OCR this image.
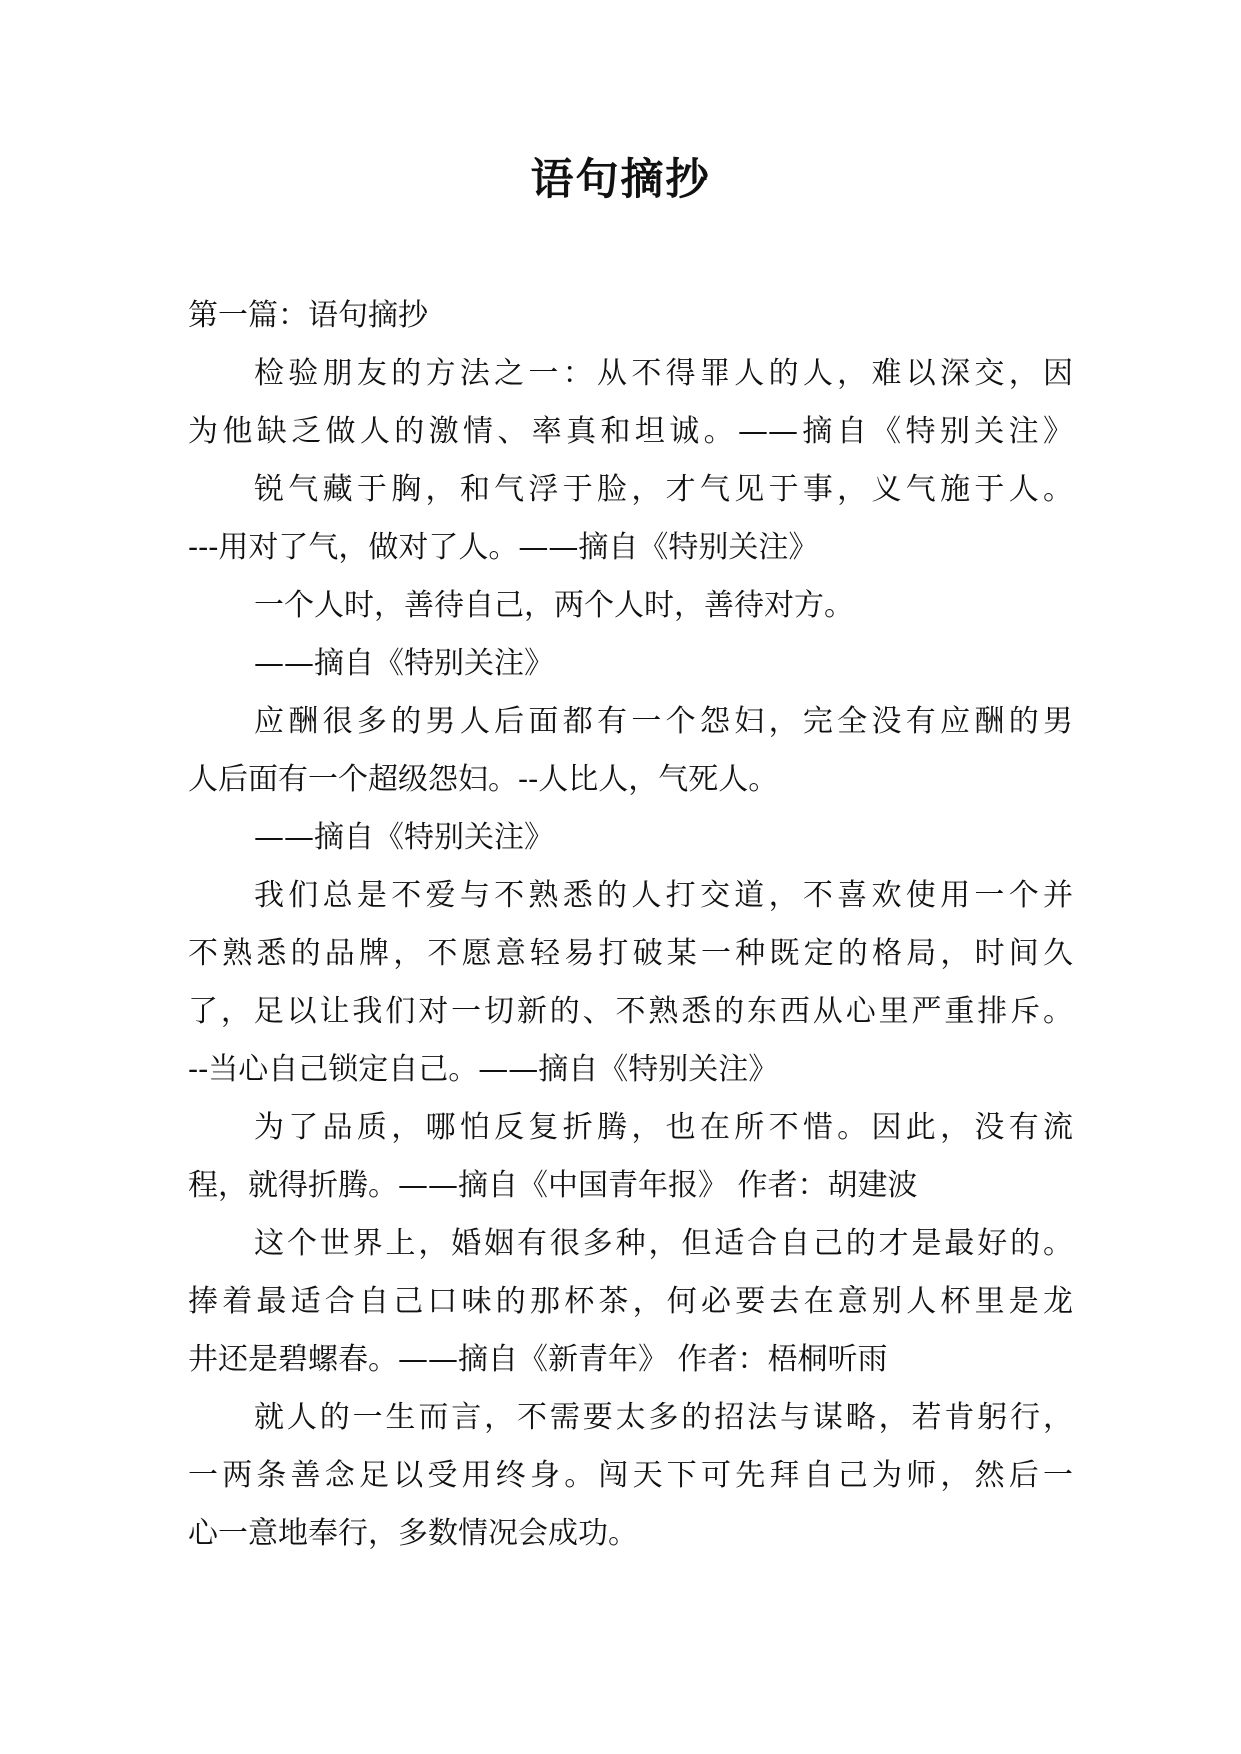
语句摘抄
第一篇：语句摘抄
检验朋友的方法之一：从不得罪人的人，难以深交，因
为他缺乏做人的激情、率真和坦诚。——摘自《特别关注》
锐气藏于胸，和气浮于脸，才气见于事，义气施于人。
---用对了气，做对了人。——摘自《特别关注》
一个人时，善待自己，两个人时，善待对方。
——摘自《特别关注》
应酬很多的男人后面都有一个怨妇，完全没有应酬的男
人后面有一个超级怨妇。--人比人，气死人。
——摘自《特别关注》
我们总是不爱与不熟悉的人打交道，不喜欢使用一个并
不熟悉的品牌，不愿意轻易打破某一种既定的格局，时间久
了，足以让我们对一切新的、不熟悉的东西从心里严重排斥。
--当心自己锁定自己。——摘自《特别关注》
为了品质，哪怕反复折腾，也在所不惜。因此，没有流
程，就得折腾。——摘自《中国青年报》 作者：胡建波
这个世界上，婚姻有很多种，但适合自己的才是最好的。
捧着最适合自己口味的那杯茶，何必要去在意别人杯里是龙
井还是碧螺春。——摘自《新青年》 作者：梧桐听雨
就人的一生而言，不需要太多的招法与谋略，若肯躬行，
一两条善念足以受用终身。闯天下可先拜自己为师，然后一
心一意地奉行，多数情况会成功。
